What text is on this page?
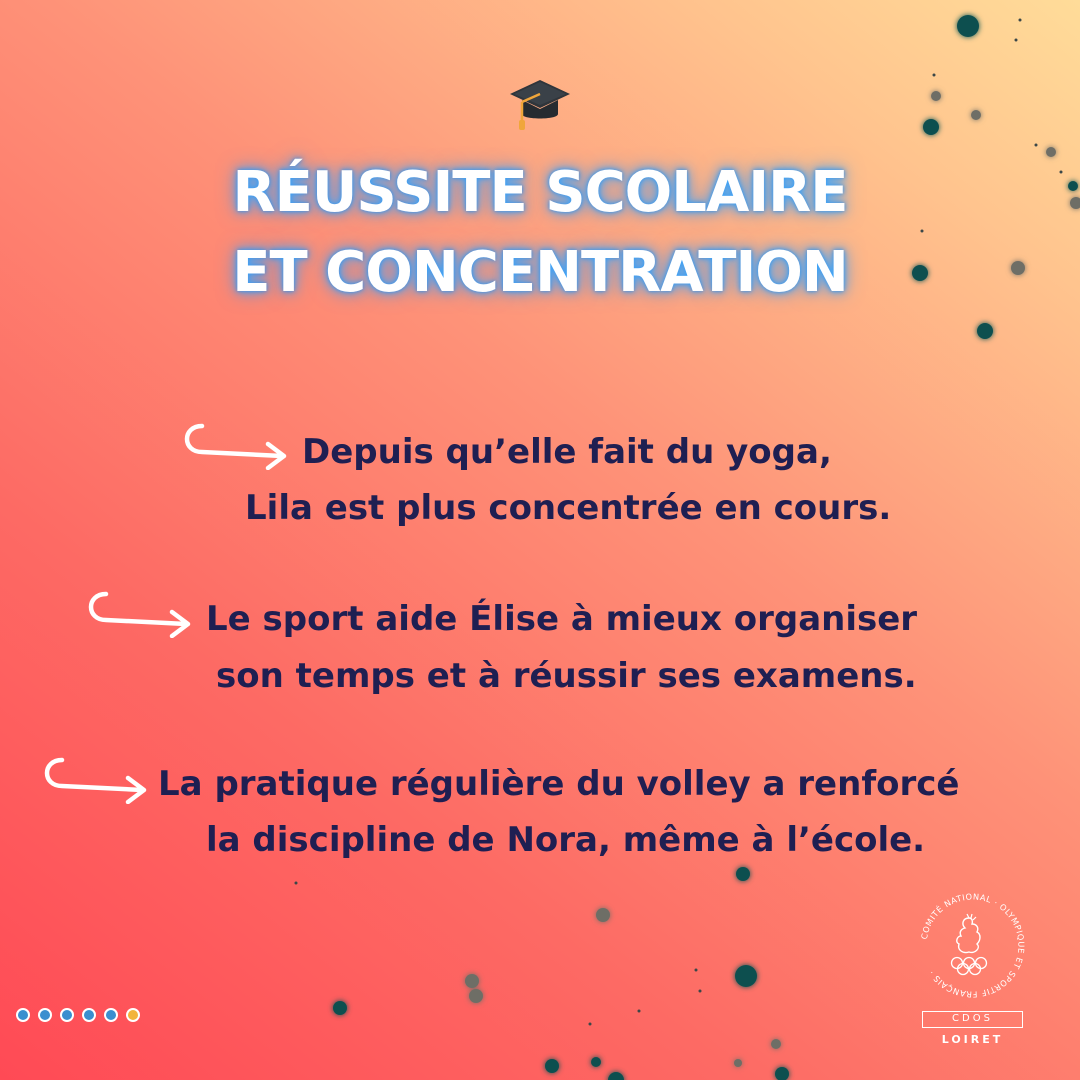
RÉUSSITE SCOLAIRE
ET CONCENTRATION
Depuis qu’elle fait du yoga,
Lila est plus concentrée en cours.
Le sport aide Élise à mieux organiser
son temps et à réussir ses examens.
La pratique régulière du volley a renforcé
la discipline de Nora, même à l’école.
COMITÉ NATIONAL · OLYMPIQUE ET SPORTIF FRANÇAIS ·
CDOS
LOIRET
